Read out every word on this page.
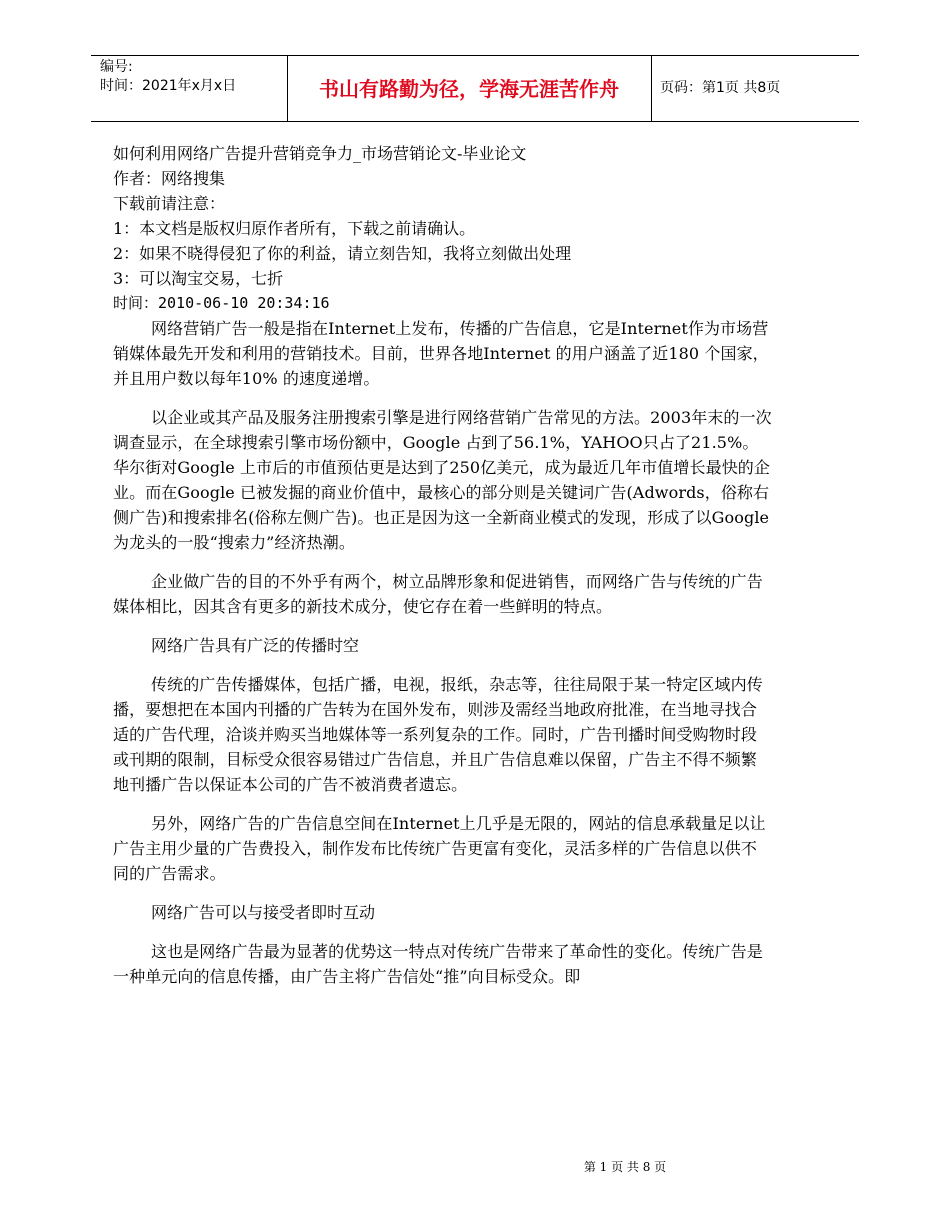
编号:
时间：2021年x月x日	书山有路勤为径，学海无涯苦作舟	页码：第1页 共8页

如何利用网络广告提升营销竞争力_市场营销论文-毕业论文

作者：网络搜集

下载前请注意：

1：本文档是版权归原作者所有，下载之前请确认。

2：如果不晓得侵犯了你的利益，请立刻告知，我将立刻做出处理

3：可以淘宝交易，七折

时间：2010-06-10 20:34:16

网络营销广告一般是指在Internet上发布，传播的广告信息，它是Internet作为市场营销媒体最先开发和利用的营销技术。目前，世界各地Internet 的用户涵盖了近180 个国家，并且用户数以每年10% 的速度递增。

以企业或其产品及服务注册搜索引擎是进行网络营销广告常见的方法。2003年末的一次调查显示，在全球搜索引擎市场份额中，Google 占到了56.1%，YAHOO只占了21.5%。华尔街对Google 上市后的市值预估更是达到了250亿美元，成为最近几年市值增长最快的企业。而在Google 已被发掘的商业价值中，最核心的部分则是关键词广告(Adwords，俗称右侧广告)和搜索排名(俗称左侧广告)。也正是因为这一全新商业模式的发现，形成了以Google为龙头的一股“搜索力”经济热潮。

企业做广告的目的不外乎有两个，树立品牌形象和促进销售，而网络广告与传统的广告媒体相比，因其含有更多的新技术成分，使它存在着一些鲜明的特点。

网络广告具有广泛的传播时空

传统的广告传播媒体，包括广播，电视，报纸，杂志等，往往局限于某一特定区域内传播，要想把在本国内刊播的广告转为在国外发布，则涉及需经当地政府批准，在当地寻找合适的广告代理，洽谈并购买当地媒体等一系列复杂的工作。同时，广告刊播时间受购物时段或刊期的限制，目标受众很容易错过广告信息，并且广告信息难以保留，广告主不得不频繁地刊播广告以保证本公司的广告不被消费者遗忘。

另外，网络广告的广告信息空间在Internet上几乎是无限的，网站的信息承载量足以让广告主用少量的广告费投入，制作发布比传统广告更富有变化，灵活多样的广告信息以供不同的广告需求。

网络广告可以与接受者即时互动

这也是网络广告最为显著的优势这一特点对传统广告带来了革命性的变化。传统广告是一种单元向的信息传播，由广告主将广告信处“推”向目标受众。即

第 1 页 共 8 页
